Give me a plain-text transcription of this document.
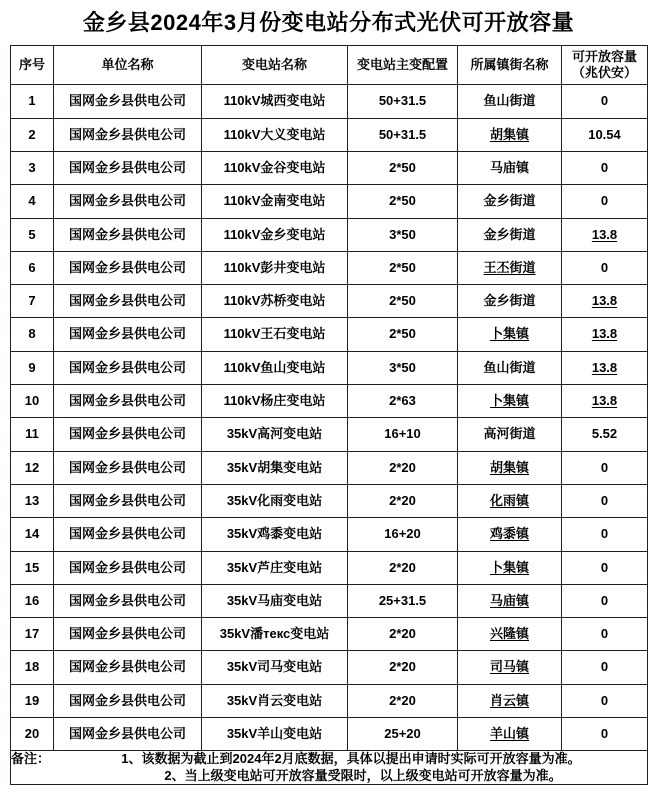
金乡县2024年3月份变电站分布式光伏可开放容量
序号	单位名称	变电站名称	变电站主变配置	所属镇街名称	可开放容量
（兆伏安）

1	国网金乡县供电公司	110kV城西变电站	50+31.5	鱼山街道	0
2	国网金乡县供电公司	110kV大义变电站	50+31.5	胡集镇	10.54
3	国网金乡县供电公司	110kV金谷变电站	2*50	马庙镇	0
4	国网金乡县供电公司	110kV金南变电站	2*50	金乡街道	0
5	国网金乡县供电公司	110kV金乡变电站	3*50	金乡街道	13.8
6	国网金乡县供电公司	110kV彭井变电站	2*50	王丕街道	0
7	国网金乡县供电公司	110kV苏桥变电站	2*50	金乡街道	13.8
8	国网金乡县供电公司	110kV王石变电站	2*50	卜集镇	13.8
9	国网金乡县供电公司	110kV鱼山变电站	3*50	鱼山街道	13.8
10	国网金乡县供电公司	110kV杨庄变电站	2*63	卜集镇	13.8
11	国网金乡县供电公司	35kV高河变电站	16+10	高河街道	5.52
12	国网金乡县供电公司	35kV胡集变电站	2*20	胡集镇	0
13	国网金乡县供电公司	35kV化雨变电站	2*20	化雨镇	0
14	国网金乡县供电公司	35kV鸡黍变电站	16+20	鸡黍镇	0
15	国网金乡县供电公司	35kV芦庄变电站	2*20	卜集镇	0
16	国网金乡县供电公司	35kV马庙变电站	25+31.5	马庙镇	0
17	国网金乡县供电公司	35kV潘текс变电站	2*20	兴隆镇	0
18	国网金乡县供电公司	35kV司马变电站	2*20	司马镇	0
19	国网金乡县供电公司	35kV肖云变电站	2*20	肖云镇	0
20	国网金乡县供电公司	35kV羊山变电站	25+20	羊山镇	0

备注： 1、该数据为截止到2024年2月底数据，具体以提出申请时实际可开放容量为准。
2、当上级变电站可开放容量受限时，以上级变电站可开放容量为准。					
